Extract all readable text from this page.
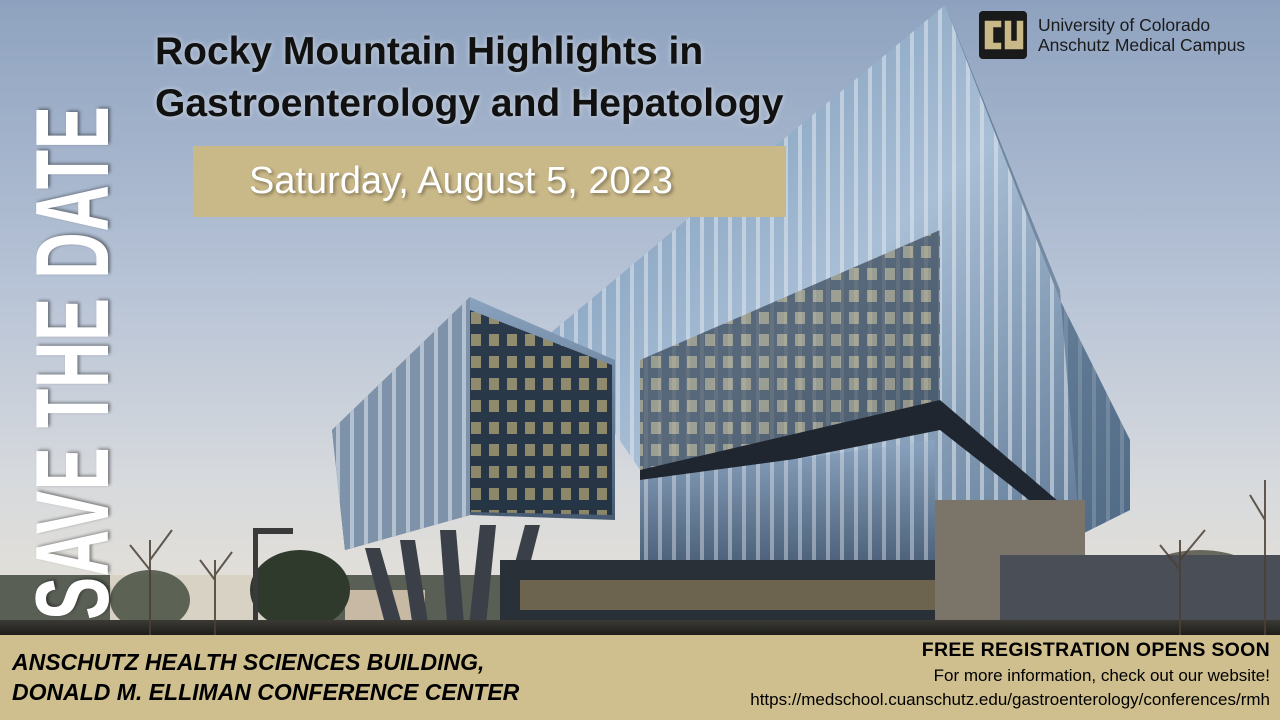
SAVE THE DATE
Rocky Mountain Highlights in
Gastroenterology and Hepatology
Saturday, August 5, 2023
University of Colorado
Anschutz Medical Campus
ANSCHUTZ HEALTH SCIENCES BUILDING,
DONALD M. ELLIMAN CONFERENCE CENTER
FREE REGISTRATION OPENS SOON
For more information, check out our website!
https://medschool.cuanschutz.edu/gastroenterology/conferences/rmh
